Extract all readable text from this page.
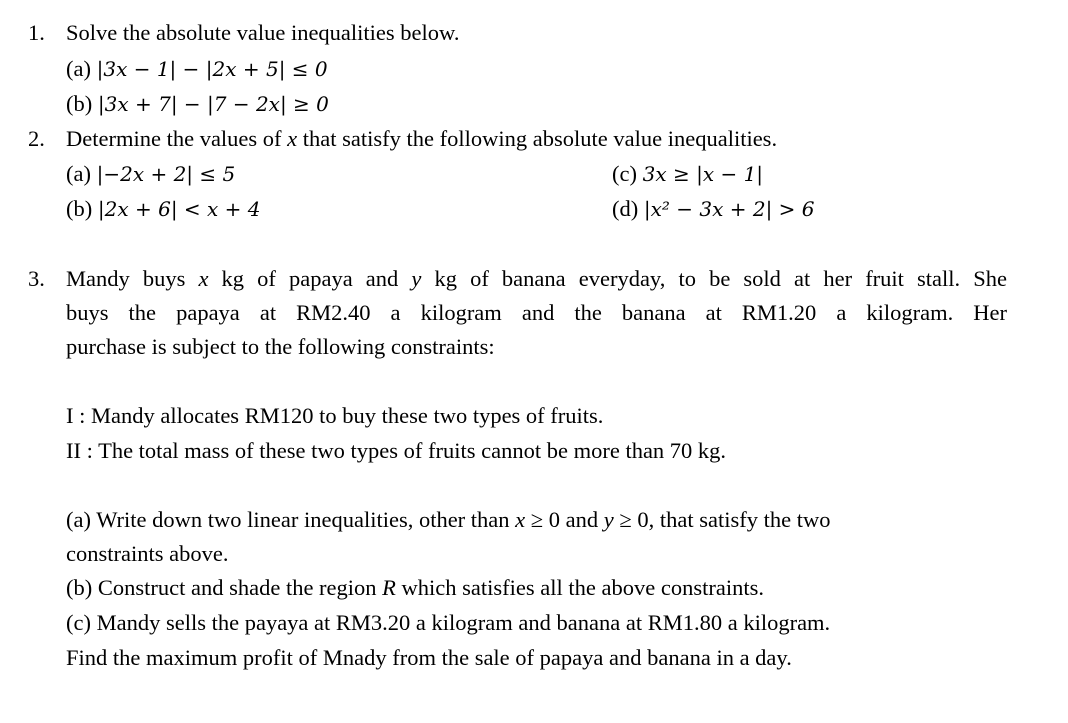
1. Solve the absolute value inequalities below.
(a) |3x − 1| − |2x + 5| ≤ 0
(b) |3x + 7| − |7 − 2x| ≥ 0
2. Determine the values of x that satisfy the following absolute value inequalities.
(a) |−2x + 2| ≤ 5	(c) 3x ≥ |x − 1|
(b) |2x + 6| < x + 4	(d) |x² − 3x + 2| > 6
3. Mandy buys x kg of papaya and y kg of banana everyday, to be sold at her fruit stall. She
buys the papaya at RM2.40 a kilogram and the banana at RM1.20 a kilogram. Her
purchase is subject to the following constraints:
I : Mandy allocates RM120 to buy these two types of fruits.
II : The total mass of these two types of fruits cannot be more than 70 kg.
(a) Write down two linear inequalities, other than x ≥ 0 and y ≥ 0, that satisfy the two
constraints above.
(b) Construct and shade the region R which satisfies all the above constraints.
(c) Mandy sells the payaya at RM3.20 a kilogram and banana at RM1.80 a kilogram.
Find the maximum profit of Mnady from the sale of papaya and banana in a day.
